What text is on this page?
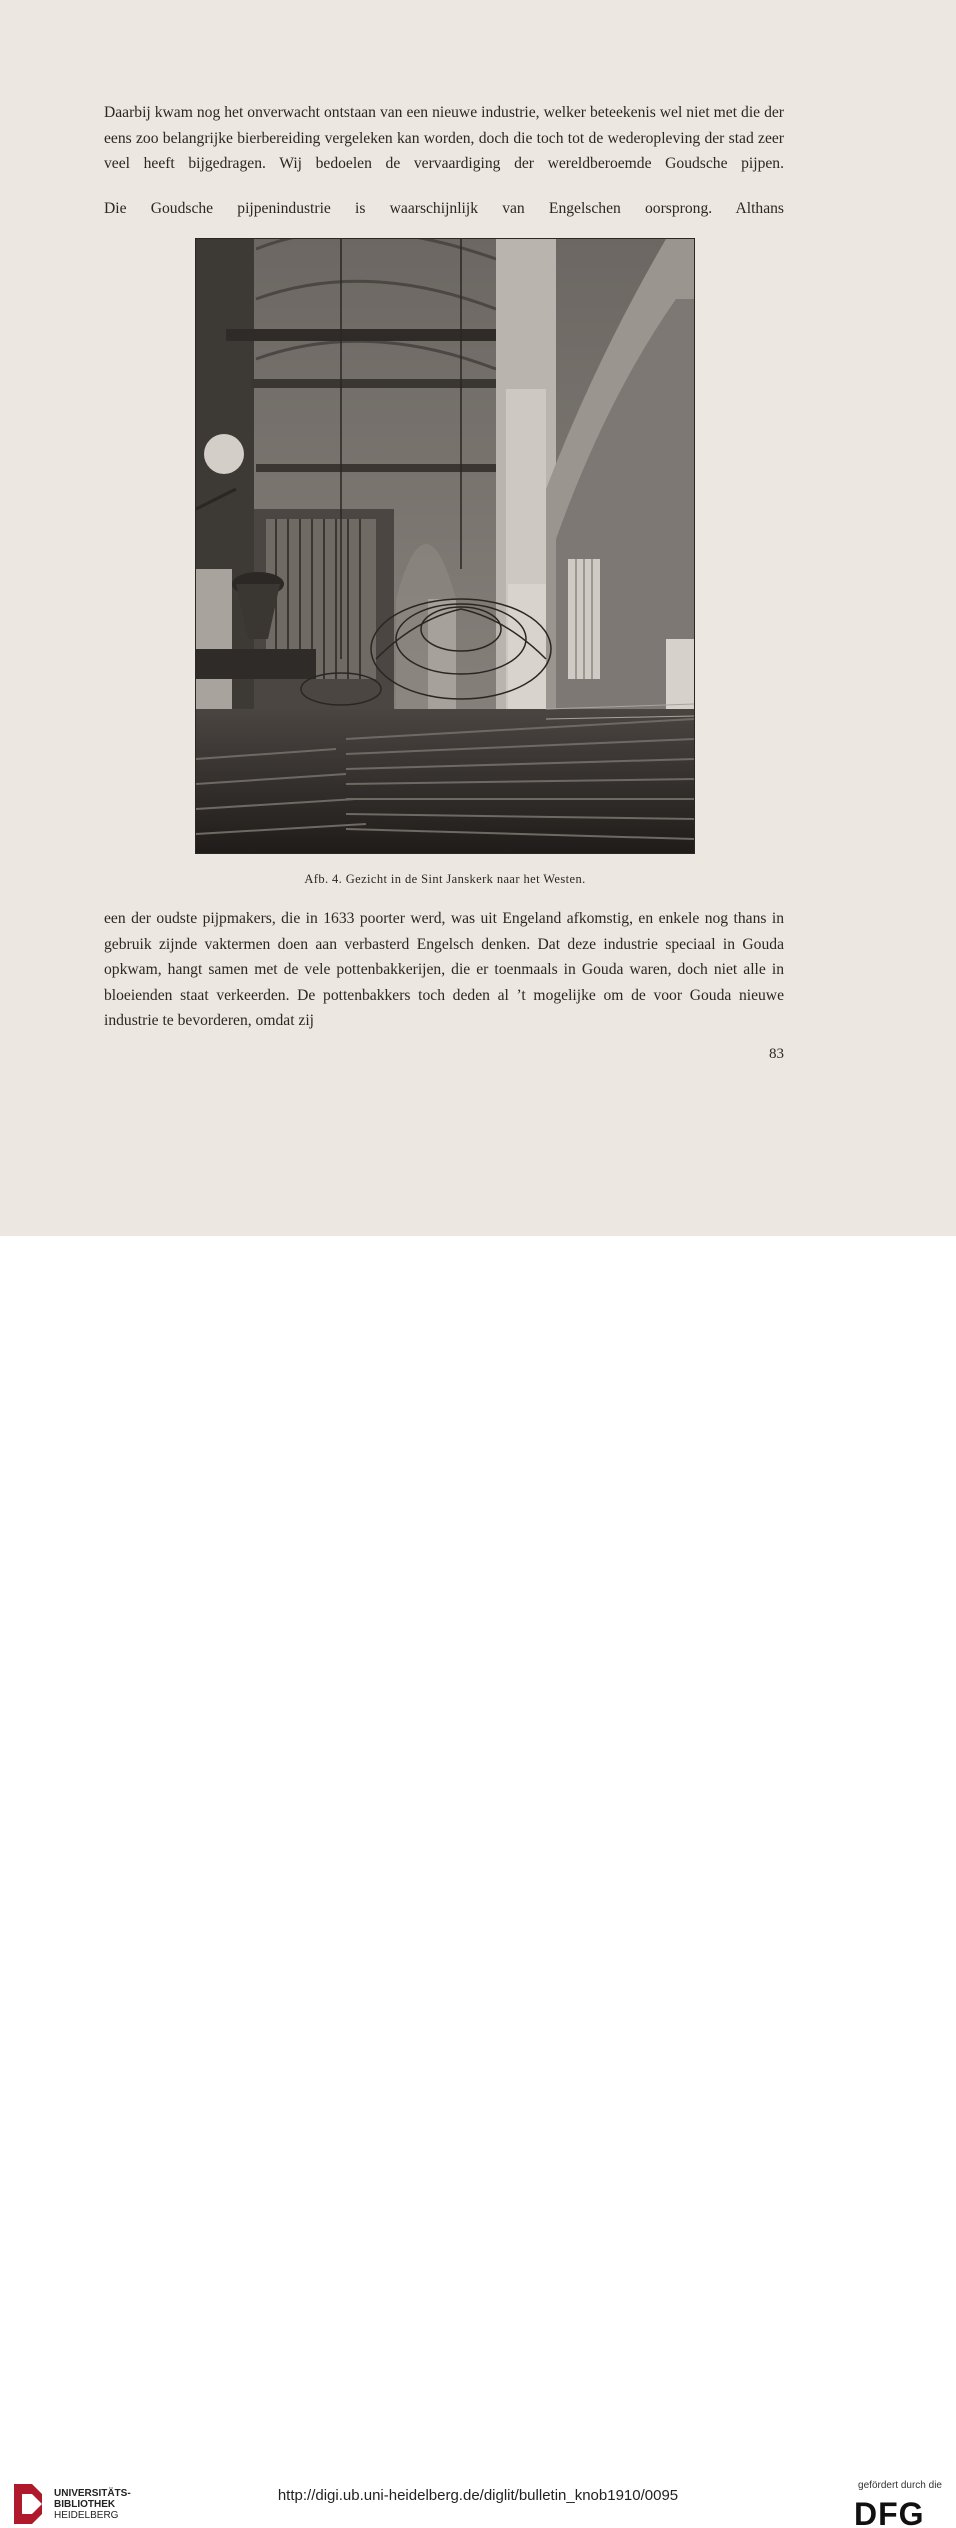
Daarbij kwam nog het onverwacht ontstaan van een nieuwe industrie, welker beteekenis wel niet met die der eens zoo belangrijke bierbereiding vergeleken kan worden, doch die toch tot de wederopleving der stad zeer veel heeft bijgedragen. Wij bedoelen de vervaardiging der wereldberoemde Goudsche pijpen.

Die Goudsche pijpenindustrie is waarschijnlijk van Engelschen oorsprong. Althans

Afb. 4. Gezicht in de Sint Janskerk naar het Westen.

een der oudste pijpmakers, die in 1633 poorter werd, was uit Engeland afkomstig, en enkele nog thans in gebruik zijnde vaktermen doen aan verbasterd Engelsch denken. Dat deze industrie speciaal in Gouda opkwam, hangt samen met de vele pottenbakkerijen, die er toenmaals in Gouda waren, doch niet alle in bloeienden staat verkeerden. De pottenbakkers toch deden al ’t mogelijke om de voor Gouda nieuwe industrie te bevorderen, omdat zij

83
UNIVERSITÄTS-
BIBLIOTHEK
HEIDELBERG
http://digi.ub.uni-heidelberg.de/diglit/bulletin_knob1910/0095
gefördert durch die
DFG
